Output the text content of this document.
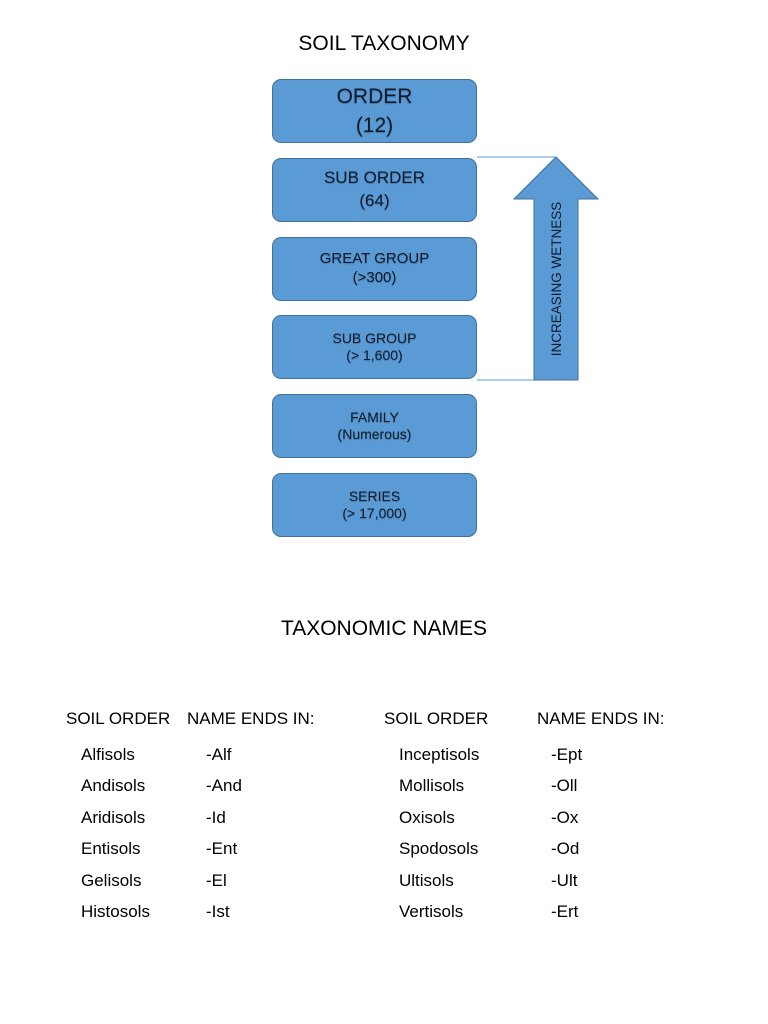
SOIL TAXONOMY
ORDER
(12)
SUB ORDER
(64)
GREAT GROUP
(>300)
SUB GROUP
(> 1,600)
FAMILY
(Numerous)
SERIES
(> 17,000)
INCREASING WETNESS
TAXONOMIC NAMES
SOIL ORDER NAME ENDS IN:	SOIL ORDER	NAME ENDS IN:
Alfisols
Andisols
Aridisols
Entisols
Gelisols
Histosols
-Alf
-And
-Id
-Ent
-El
-Ist
Inceptisols
Mollisols
Oxisols
Spodosols
Ultisols
Vertisols
-Ept
-Oll
-Ox
-Od
-Ult
-Ert
